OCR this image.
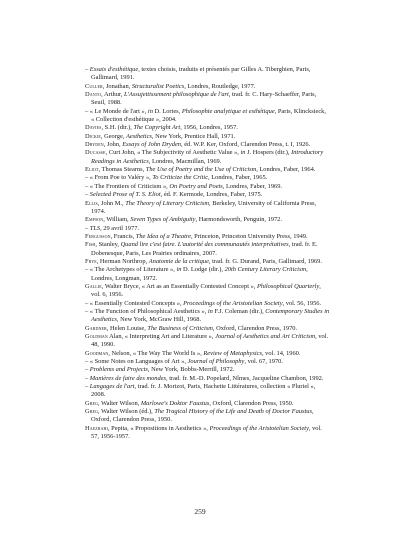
– Essais d'esthétique, textes choisis, traduits et présentés par Gilles A. Tiberghien, Paris, Gallimard, 1991.

Culler, Jonathan, Structuralist Poetics, Londres, Routledge, 1977.

Danto, Arthur, L'Assujettissement philosophique de l'art, trad. fr. C. Hary-Schaeffer, Paris, Seuil, 1988.

– « Le Monde de l'art », in D. Lories, Philosophie analytique et esthétique, Paris, Klincksieck, « Collection d'esthétique », 2004.

Davies, S.H. (dir.), The Copyright Art, 1956, Londres, 1957.

Dickie, George, Aesthetics, New York, Prentice Hall, 1971.

Dryden, John, Essays of John Dryden, éd. W.P. Ker, Oxford, Clarendon Press, t. I, 1926.

Ducasse, Curt John, « The Subjectivity of Aesthetic Value », in J. Hospers (dir.), Introductory Readings in Aesthetics, Londres, Macmillan, 1969.

Eliot, Thomas Stearns, The Use of Poetry and the Use of Criticism, Londres, Faber, 1964.

– « From Poe to Valéry », To Criticize the Critic, Londres, Faber, 1965.

– « The Frontiers of Criticism », On Poetry and Poets, Londres, Faber, 1969.

– Selected Prose of T. S. Eliot, éd. F. Kermode, Londres, Faber, 1975.

Ellis, John M., The Theory of Literary Criticism, Berkeley, University of California Press, 1974.

Empson, William, Seven Types of Ambiguity, Harmondsworth, Penguin, 1972.

– TLS, 29 avril 1977.

Fergusson, Francis, The Idea of a Theatre, Princeton, Princeton University Press, 1949.

Fish, Stanley, Quand lire c'est faire. L'autorité des communautés interprétatives, trad. fr. E. Dobenesque, Paris, Les Prairies ordinaires, 2007.

Frye, Herman Northrop, Anatomie de la critique, trad. fr. G. Durand, Paris, Gallimard, 1969.

– « The Archetypes of Literature », in D. Lodge (dir.), 20th Century Literary Criticism, Londres, Longman, 1972.

Gallie, Walter Bryce, « Art as an Essentially Contested Concept », Philosophical Quarterly, vol. 6, 1956.

– « Essentially Contested Concepts », Proceedings of the Aristotelian Society, vol. 56, 1956.

– « The Function of Philosophical Aesthetics », in F.J. Coleman (dir.), Contemporary Studies in Aesthetics, New York, McGraw Hill, 1968.

Gardner, Helen Louise, The Business of Criticism, Oxford, Clarendon Press, 1970.

Goldman Alan, « Interpreting Art and Literature », Journal of Aesthetics and Art Criticism, vol. 48, 1990.

Goodman, Nelson, « The Way The World Is », Review of Metaphysics, vol. 14, 1960.

– « Some Notes on Languages of Art », Journal of Philosophy, vol. 67, 1970.

– Problems and Projects, New York, Bobbs-Merrill, 1972.

– Manières de faire des mondes, trad. fr. M.-D. Popelard, Nîmes, Jacqueline Chambon, 1992.

– Langages de l'art, trad. fr. J. Morizot, Paris, Hachette Littératures, collection « Pluriel », 2008.

Greg, Walter Wilson, Marlowe's Doktor Faustus, Oxford, Clarendon Press, 1950.

Greg, Walter Wilson (éd.), The Tragical History of the Life and Death of Doctor Faustus, Oxford, Clarendon Press, 1950.

Haezrahi, Pepita, « Propositions in Aesthetics », Proceedings of the Aristotelian Society, vol. 57, 1956-1957.

259
